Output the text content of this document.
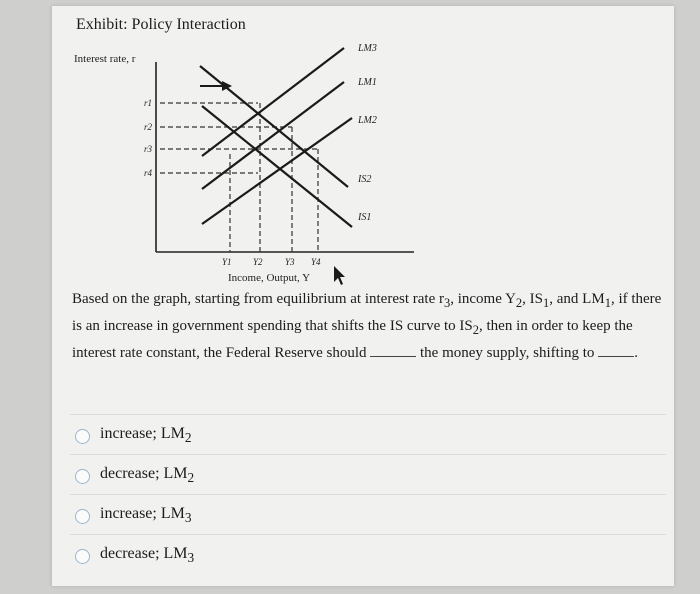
Exhibit: Policy Interaction
Interest rate, r
r1
r2
r3
r4
LM3
LM1
LM2
IS2
IS1
Y1 Y2 Y3 Y4
Income, Output, Y
Based on the graph, starting from equilibrium at interest rate $r_3$, income $Y_2$, $IS_1$, and $LM_1$, if there is an increase in government spending that shifts the IS curve to $IS_2$, then in order to keep the interest rate constant, the Federal Reserve should	the money supply, shifting to	.
increase; $LM_2$
decrease; $LM_2$
increase; $LM_3$
decrease; $LM_3$
